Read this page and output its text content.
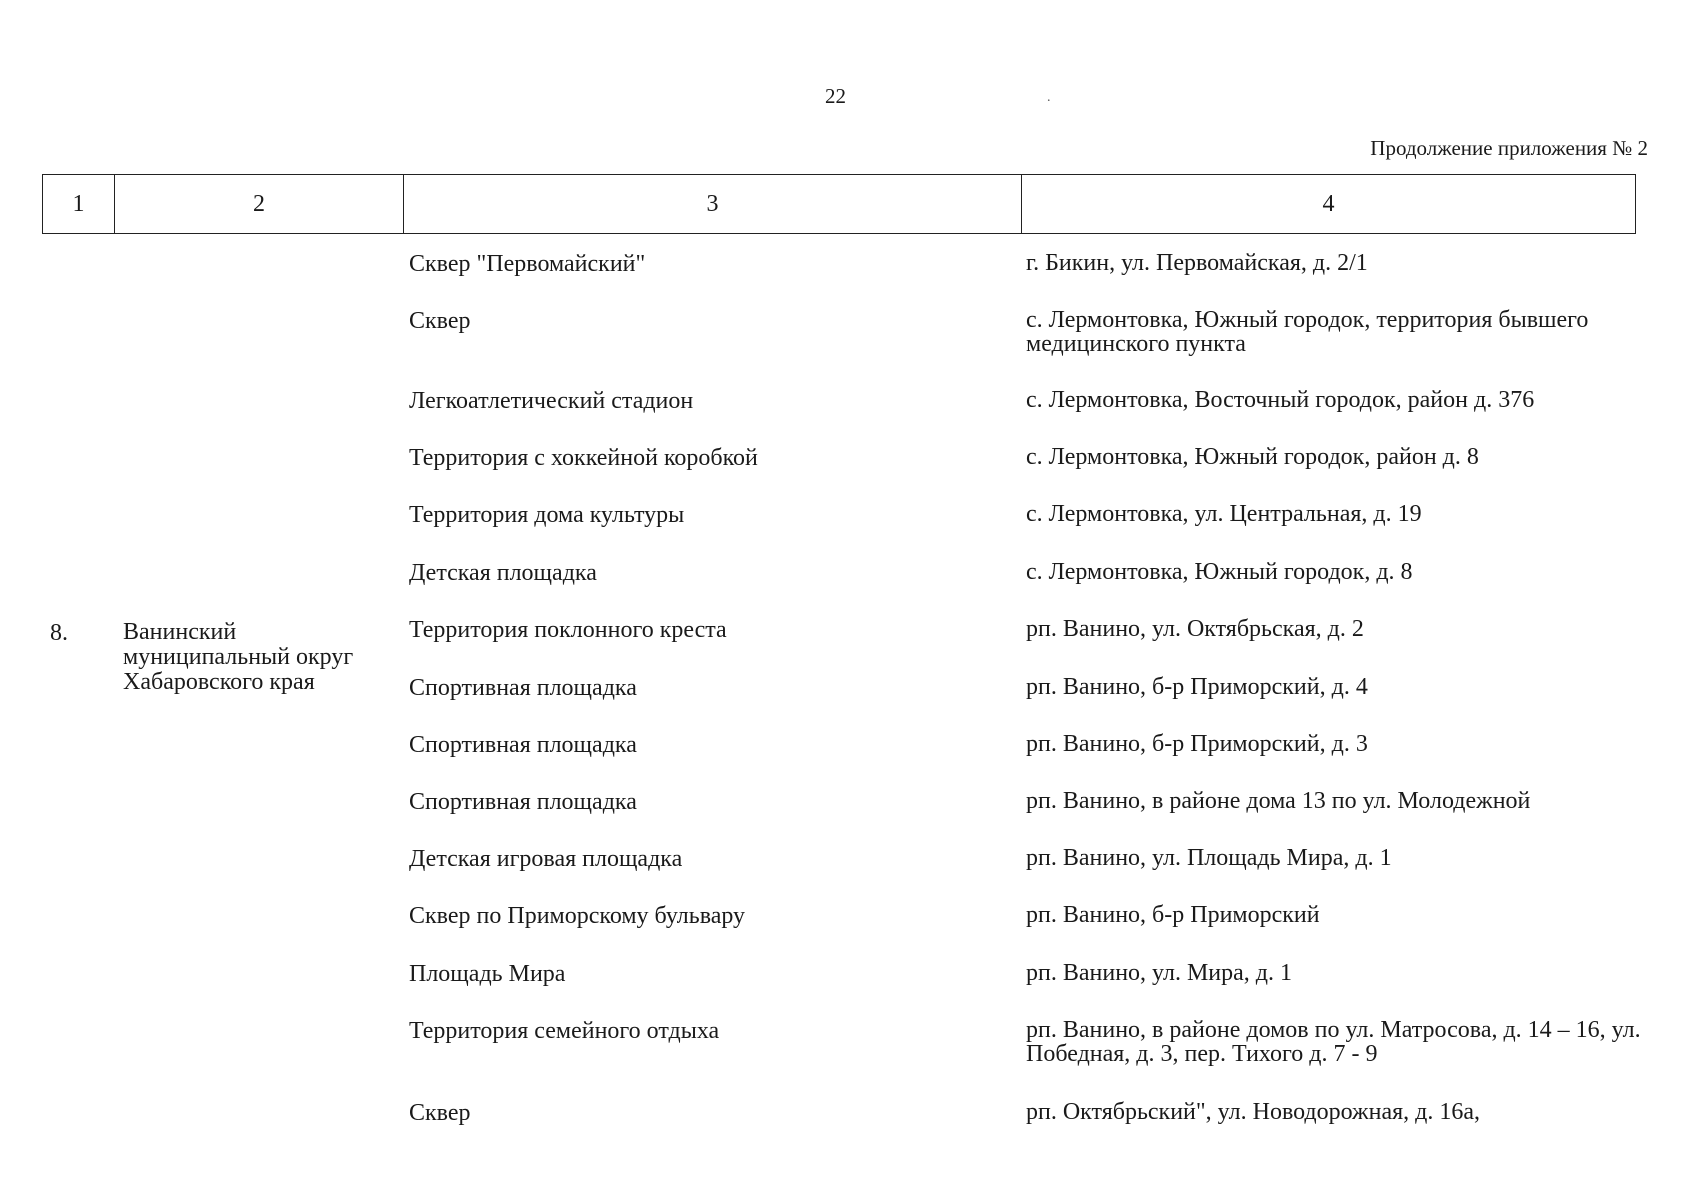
22	.
Продолжение приложения № 2
1	2	3	4
8. Ванинский муниципальный округ Хабаровского края
Сквер "Первомайский"	г. Бикин, ул. Первомайская, д. 2/1
Сквер	с. Лермонтовка, Южный городок, территория бывшего медицинского пункта
Легкоатлетический стадион	с. Лермонтовка, Восточный городок, район д. 376
Территория с хоккейной коробкой	с. Лермонтовка, Южный городок, район д. 8
Территория дома культуры	с. Лермонтовка, ул. Центральная, д. 19
Детская площадка	с. Лермонтовка, Южный городок, д. 8
Территория поклонного креста	рп. Ванино, ул. Октябрьская, д. 2
Спортивная площадка	рп. Ванино, б-р Приморский, д. 4
Спортивная площадка	рп. Ванино, б-р Приморский, д. 3
Спортивная площадка	рп. Ванино, в районе дома 13 по ул. Молодежной
Детская игровая площадка	рп. Ванино, ул. Площадь Мира, д. 1
Сквер по Приморскому бульвару	рп. Ванино, б-р Приморский
Площадь Мира	рп. Ванино, ул. Мира, д. 1
Территория семейного отдыха	рп. Ванино, в районе домов по ул. Матросова, д. 14 – 16, ул. Победная, д. 3, пер. Тихого д. 7 - 9
Сквер	рп. Октябрьский", ул. Новодорожная, д. 16а,
